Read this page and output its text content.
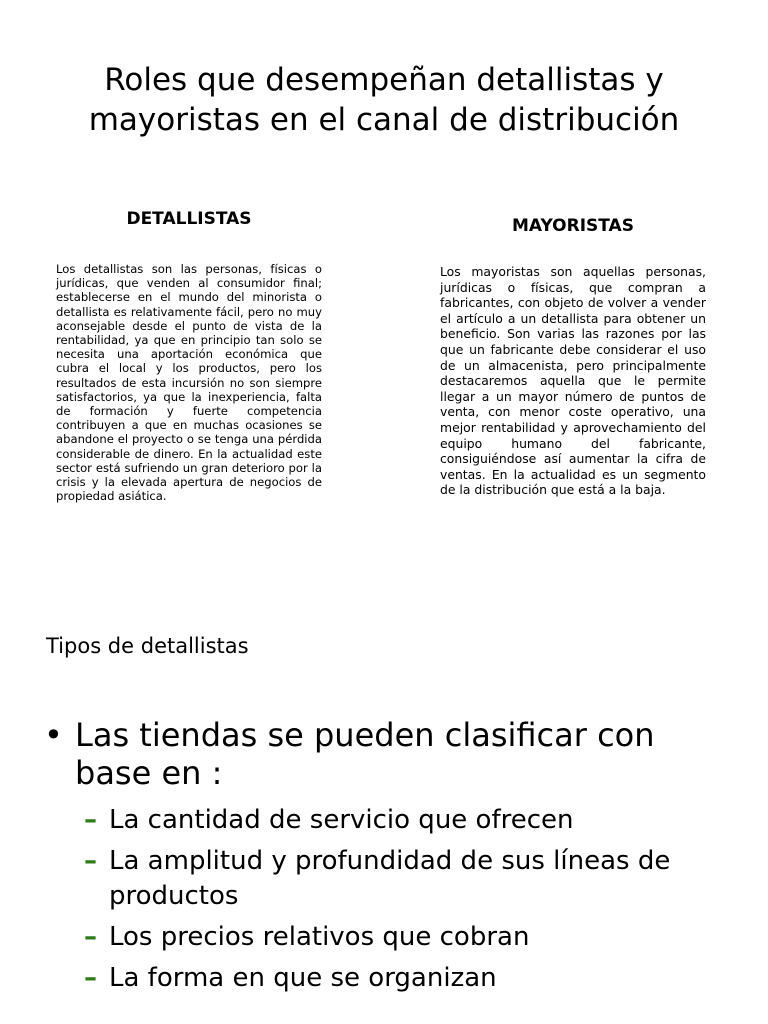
Roles que desempeñan detallistas y mayoristas en el canal de distribución
DETALLISTAS

Los detallistas son las personas, físicas o jurídicas, que venden al consumidor final; establecerse en el mundo del minorista o detallista es relativamente fácil, pero no muy aconsejable desde el punto de vista de la rentabilidad, ya que en principio tan solo se necesita una aportación económica que cubra el local y los productos, pero los resultados de esta incursión no son siempre satisfactorios, ya que la inexperiencia, falta de formación y fuerte competencia contribuyen a que en muchas ocasiones se abandone el proyecto o se tenga una pérdida considerable de dinero. En la actualidad este sector está sufriendo un gran deterioro por la crisis y la elevada apertura de negocios de propiedad asiática.

MAYORISTAS

Los mayoristas son aquellas personas, jurídicas o físicas, que compran a fabricantes, con objeto de volver a vender el artículo a un detallista para obtener un beneficio. Son varias las razones por las que un fabricante debe considerar el uso de un almacenista, pero principalmente destacaremos aquella que le permite llegar a un mayor número de puntos de venta, con menor coste operativo, una mejor rentabilidad y aprovechamiento del equipo humano del fabricante, consiguiéndose así aumentar la cifra de ventas. En la actualidad es un segmento de la distribución que está a la baja.

Tipos de detallistas
• Las tiendas se pueden clasificar con base en :
– La cantidad de servicio que ofrecen
– La amplitud y profundidad de sus líneas de productos
– Los precios relativos que cobran
– La forma en que se organizan
